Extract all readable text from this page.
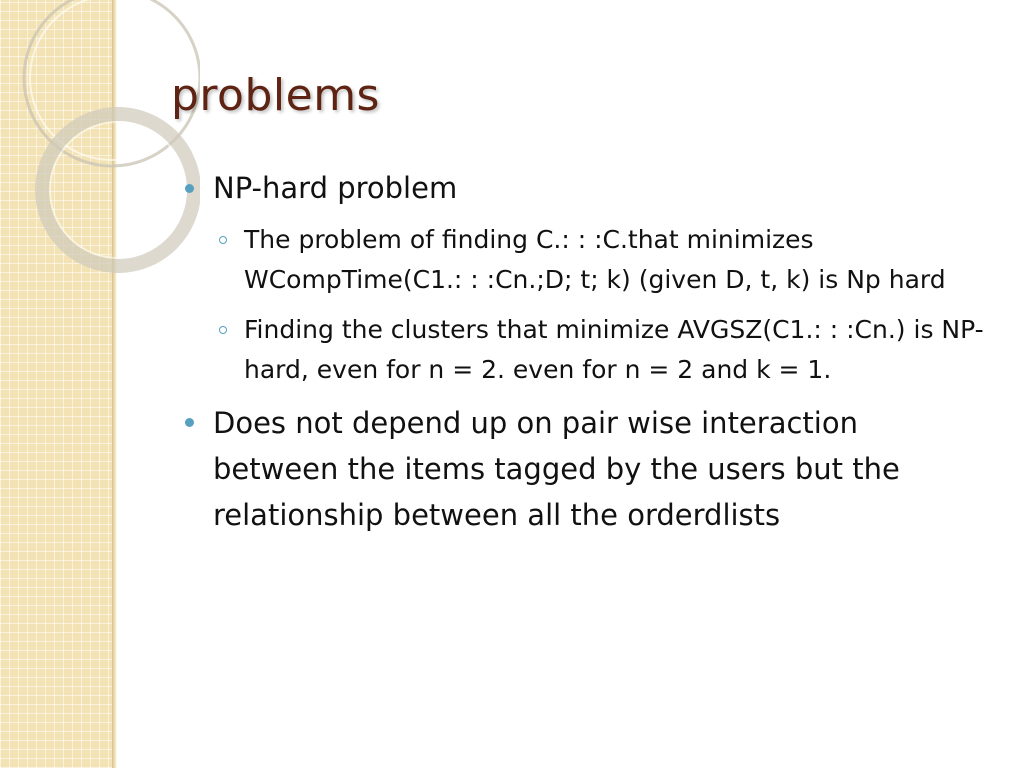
problems
NP-hard problem
The problem of finding C.: : :C.that minimizes WCompTime(C1.: : :Cn.;D; t; k) (given D, t, k) is Np hard
Finding the clusters that minimize AVGSZ(C1.: : :Cn.) is NP-hard, even for n = 2. even for n = 2 and k = 1.
Does not depend up on pair wise interaction between the items tagged by the users but the relationship between all the orderdlists
